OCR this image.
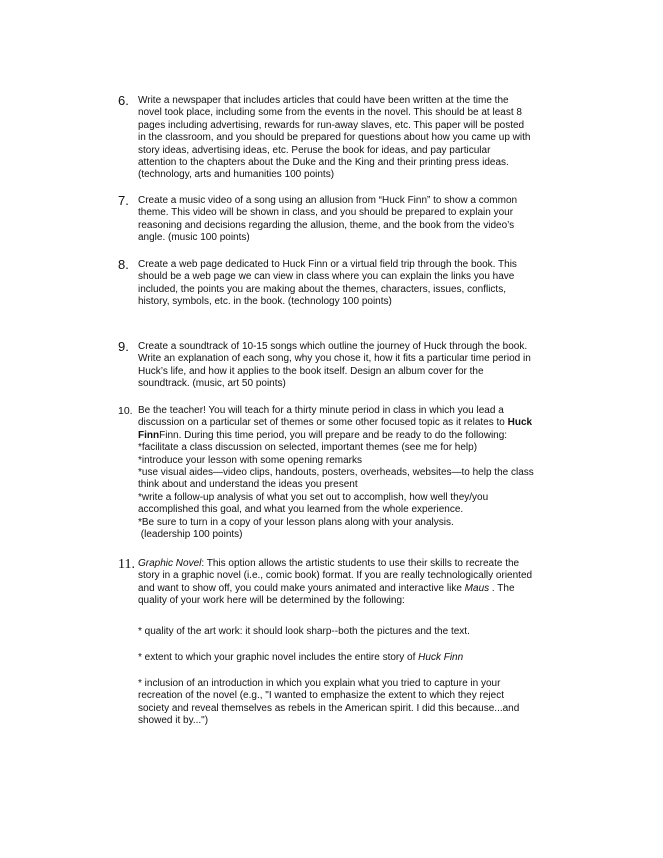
6. Write a newspaper that includes articles that could have been written at the time the
novel took place, including some from the events in the novel. This should be at least 8
pages including advertising, rewards for run-away slaves, etc. This paper will be posted
in the classroom, and you should be prepared for questions about how you came up with
story ideas, advertising ideas, etc. Peruse the book for ideas, and pay particular
attention to the chapters about the Duke and the King and their printing press ideas.
(technology, arts and humanities 100 points)
7. Create a music video of a song using an allusion from “Huck Finn” to show a common
theme. This video will be shown in class, and you should be prepared to explain your
reasoning and decisions regarding the allusion, theme, and the book from the video’s
angle. (music 100 points)
8. Create a web page dedicated to Huck Finn or a virtual field trip through the book. This
should be a web page we can view in class where you can explain the links you have
included, the points you are making about the themes, characters, issues, conflicts,
history, symbols, etc. in the book. (technology 100 points)
9. Create a soundtrack of 10-15 songs which outline the journey of Huck through the book.
Write an explanation of each song, why you chose it, how it fits a particular time period in
Huck’s life, and how it applies to the book itself. Design an album cover for the
soundtrack. (music, art 50 points)
10. Be the teacher! You will teach for a thirty minute period in class in which you lead a
discussion on a particular set of themes or some other focused topic as it relates to Huck
FinnFinn. During this time period, you will prepare and be ready to do the following:
*facilitate a class discussion on selected, important themes (see me for help)
*introduce your lesson with some opening remarks
*use visual aides—video clips, handouts, posters, overheads, websites—to help the class
think about and understand the ideas you present
*write a follow-up analysis of what you set out to accomplish, how well they/you
accomplished this goal, and what you learned from the whole experience.
*Be sure to turn in a copy of your lesson plans along with your analysis.
(leadership 100 points)
11. Graphic Novel: This option allows the artistic students to use their skills to recreate the
story in a graphic novel (i.e., comic book) format. If you are really technologically oriented
and want to show off, you could make yours animated and interactive like Maus . The
quality of your work here will be determined by the following:
* quality of the art work: it should look sharp--both the pictures and the text.
* extent to which your graphic novel includes the entire story of Huck Finn
* inclusion of an introduction in which you explain what you tried to capture in your
recreation of the novel (e.g., "I wanted to emphasize the extent to which they reject
society and reveal themselves as rebels in the American spirit. I did this because...and
showed it by...")
